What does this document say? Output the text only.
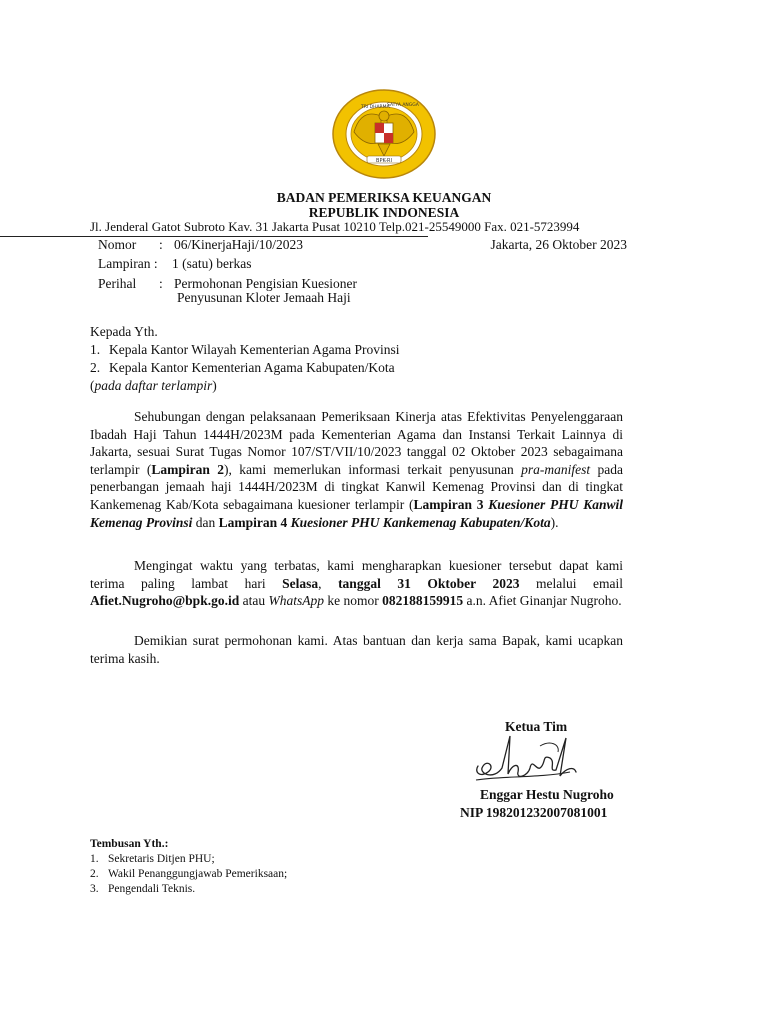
BPK-RI
TRI DHARMA
SATYA ANGGA
BADAN PEMERIKSA KEUANGAN
REPUBLIK INDONESIA
Jl. Jenderal Gatot Subroto Kav. 31 Jakarta Pusat 10210 Telp.021-25549000 Fax. 021-5723994
Nomor : 06/KinerjaHaji/10/2023	Jakarta, 26 Oktober 2023
Lampiran : 1 (satu) berkas
Perihal : Permohonan Pengisian Kuesioner
Penyusunan Kloter Jemaah Haji
Kepada Yth.
1. Kepala Kantor Wilayah Kementerian Agama Provinsi
2. Kepala Kantor Kementerian Agama Kabupaten/Kota
(pada daftar terlampir)

Sehubungan dengan pelaksanaan Pemeriksaan Kinerja atas Efektivitas Penyelenggaraan Ibadah Haji Tahun 1444H/2023M pada Kementerian Agama dan Instansi Terkait Lainnya di Jakarta, sesuai Surat Tugas Nomor 107/ST/VII/10/2023 tanggal 02 Oktober 2023 sebagaimana terlampir (Lampiran 2), kami memerlukan informasi terkait penyusunan pra-manifest pada penerbangan jemaah haji 1444H/2023M di tingkat Kanwil Kemenag Provinsi dan di tingkat Kankemenag Kab/Kota sebagaimana kuesioner terlampir (Lampiran 3 Kuesioner PHU Kanwil Kemenag Provinsi dan Lampiran 4 Kuesioner PHU Kankemenag Kabupaten/Kota).

Mengingat waktu yang terbatas, kami mengharapkan kuesioner tersebut dapat kami terima paling lambat hari Selasa, tanggal 31 Oktober 2023 melalui email Afiet.Nugroho@bpk.go.id atau WhatsApp ke nomor 082188159915 a.n. Afiet Ginanjar Nugroho.

Demikian surat permohonan kami. Atas bantuan dan kerja sama Bapak, kami ucapkan terima kasih.

Ketua Tim
Enggar Hestu Nugroho
NIP 198201232007081001
Tembusan Yth.:
1. Sekretaris Ditjen PHU;
2. Wakil Penanggungjawab Pemeriksaan;
3. Pengendali Teknis.
